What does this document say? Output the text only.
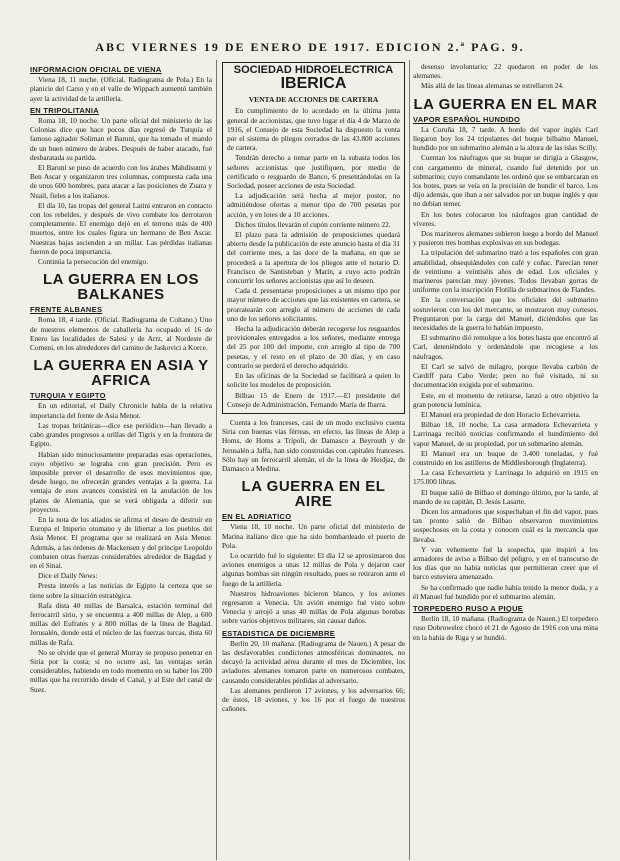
ABC VIERNES 19 DE ENERO DE 1917. EDICION 2.ª PAG. 9.
INFORMACION OFICIAL DE VIENA

Viena 18, 11 noche. (Oficial. Radiograma de Pola.) En la planicie del Carso y en el valle de Wippach aumentó también ayer la actividad de la artillería.

EN TRIPOLITANIA

Roma 18, 10 noche. Un parte oficial del ministerio de las Colonias dice que hace pocos días regresó de Turquía el famoso agitador Soliman el Baruni, que ha tomado el mando de un buen número de árabes. Después de haber atacado, fué desbaratada su partida.

El Baruní se puso de acuerdo con los árabes Mahdisunni y Ben Ascar y organizaron tres columnas, compuesta cada una de unos 600 hombres, para atacar a las posiciones de Zuara y Nuail, fieles a los italianos.

El día 10, las tropas del general Latini entraron en contacto con los rebeldes, y después de vivo combate los derrotaron completamente. El enemigo dejó en el terreno más de 400 muertos, entre los cuales figura un hermano de Ben Ascar. Nuestras bajas ascienden a un millar. Las pérdidas italianas fueron de poca importancia.

Continúa la persecución del enemigo.

LA GUERRA EN LOS BALKANES
FRENTE ALBANES

Roma 18, 4 tarde. (Oficial. Radiograma de Coltano.) Uno de nuestros elementos de caballería ha ocupado el 16 de Enero las localidades de Salesi y de Arrz, al Nordeste de Comeni, en los alrededores del camino de Jaskovici a Korce.

LA GUERRA EN ASIA Y AFRICA
TURQUIA Y EGIPTO

En un editorial, el Daily Chronicle habla de la relativa importancia del frente de Asia Menor.

Las tropas británicas—dice ese periódico—han llevado a cabo grandes progresos a orillas del Tigris y en la frontera de Egipto.

Habían sido minuciosamente preparadas esas operaciones, cuyo objetivo se lograba con gran precisión. Pero es imposible prever el desarrollo de esos movimientos que, desde luego, no ofrecerán grandes ventajas a la guerra. La ventaja de esos avances consistirá en la anulación de los planes de Alemania, que se verá obligada a diferir sus proyectos.

En la nota de los aliados se afirma el deseo de destruir en Europa el Imperio otomano y de libertar a los pueblos del Asia Menor. El programa que se realizará en Asia Menor. Además, a las órdenes de Mackensen y del príncipe Leopoldo combaten otras fuerzas considerables alrededor de Bagdad y en el Sinaí.

Dice el Daily News:

Presta interés a las noticias de Egipto la certeza que se tiene sobre la situación estratégica.

Rafa dista 40 millas de Barsalca, estación terminal del ferrocarril sirio, y se encuentra a 400 millas de Alep, a 600 millas del Eufrates y a 800 millas de la línea de Bagdad. Jerusalén, donde está el núcleo de las fuerzas turcas, dista 60 millas de Rafa.

No se olvide que el general Murray se propuso penetrar en Siria por la costa; si no ocurre así, las ventajas serán considerables, habiendo en todo momento en su haber los 200 millas que ha recorrido desde el Canal, y al Este del canal de Suez.

SOCIEDAD HIDROELECTRICA
IBERICA
VENTA DE ACCIONES DE CARTERA

En cumplimiento de lo acordado en la última junta general de accionistas, que tuvo lugar el día 4 de Marzo de 1916, el Consejo de esta Sociedad ha dispuesto la venta por el sistema de pliegos cerrados de las 43.800 acciones de cartera.

Tendrán derecho a tomar parte en la subasta todos los señores accionistas que justifiquen, por medio de certificado o resguardo de Banco, 6 presentándolas en la Sociedad, poseer acciones de esta Sociedad.

La adjudicación será hecha al mejor postor, no admitiéndose ofertas a menor tipo de 700 pesetas por acción, y en lotes de a 10 acciones.

Dichos títulos llevarán el cupón corriente número 22.

El plazo para la admisión de proposiciones quedará abierto desde la publicación de este anuncio hasta el día 31 del corriente mes, a las doce de la mañana, en que se procederá a la apertura de los pliegos ante el notario D. Francisco de Santisteban y Marín, a cuyo acto podrán concurrir los señores accionistas que así lo deseen.

Cada d. presentarse proposiciones a un mismo tipo por mayor número de acciones que las existentes en cartera, se prorratearán con arreglo al número de acciones de cada uno de los señores solicitantes.

Hecha la adjudicación deberán recogerse los resguardos provisionales entregados a los señores, mediante entrega del 25 por 100 del importe, con arreglo al tipo de 700 pesetas, y el resto en el plazo de 30 días, y en caso contrario se perderá el derecho adquirido.

En las oficinas de la Sociedad se facilitará a quien lo solicite los modelos de proposición.

Bilbao 15 de Enero de 1917.—El presidente del Consejo de Administración, Fernando María de Ibarra.

Cuenta a los franceses, casi de un modo exclusivo cuenta Siria con buenas vías férreas, en efecto, las líneas de Alep a Homs, de Homs a Trípoli, de Damasco a Beyrouth y de Jerusalén a Jaffa, han sido construidas con capitales franceses. Sólo hay un ferrocarril alemán, el de la línea de Heidjaz, de Damasco a Medina.

LA GUERRA EN EL AIRE
EN EL ADRIATICO

Viena 18, 10 noche. Un parte oficial del ministerio de Marina italiano dice que ha sido bombardeado el puerto de Pola.

Lo ocurrido fué lo siguiente: El día 12 se aproximaron dos aviones enemigos a unas 12 millas de Pola y dejaron caer algunas bombas sin ningún resultado, pues se retiraron ante el fuego de la artillería.

Nuestros hidroaviones hicieron blanco, y los aviones regresaron a Venecia. Un avión enemigo fué visto sobre Venecia y arrojó a unas 40 millas de Pola algunas bombas sobre varios objetivos militares, sin causar daños.

ESTADISTICA DE DICIEMBRE

Berlín 20, 10 mañana. (Radiograma de Nauen.) A pesar de las desfavorables condiciones atmosféricas dominantes, no decayó la actividad aérea durante el mes de Diciembre, los aviadores alemanes tomaron parte en numerosos combates, causando considerables pérdidas al adversario.

Las alemanes perdieron 17 aviones, y los adversarios 66; de éstos, 18 aviones, y los 16 por el fuego de nuestros cañones.

desenso involuntario; 22 quedaron en poder de los alemanes.

Más allá de las líneas alemanas se estrellaron 24.

LA GUERRA EN EL MAR
VAPOR ESPAÑOL HUNDIDO

La Coruña 18, 7 tarde. A bordo del vapor inglés Carl llegaron hoy los 24 tripulantes del buque bilbaíno Manuel, hundido por un submarino alemán a la altura de las islas Scilly.

Cuentan los náufragos que su buque se dirigía a Glasgow, con cargamento de mineral, cuando fué detenido por un submarino; cuyo comandante les ordenó que se embarcaran en los botes, pues se veía en la precisión de hundir el barco. Los dijo además, que iban a ser salvados por un buque inglés y que no debían temer.

En los botes colocaron los náufragos gran cantidad de víveres.

Dos marineros alemanes subieron luego a bordo del Manuel y pusieron tres bombas explosivas en sus bodegas.

La tripulación del submarino trató a los españoles con gran amabilidad, obsequiándoles con café y coñac. Parecían tener de veintiuno a veintiséis años de edad. Los oficiales y marineros parecían muy jóvenes. Todos llevaban gorras de uniforme con la inscripción Flotilla de submarinos de Flandes.

En la conversación que los oficiales del submarino sostuvieron con los del mercante, se mostraron muy corteses. Preguntaron por la carga del Manuel, diciéndoles que las necesidades de la guerra lo habían impuesto.

El submarino dió remolque a los botes hasta que encontró al Carl, deteniéndolo y ordenándole que recogiese a los náufragos.

El Carl se salvó de milagro, porque llevaba carbón de Cardiff para Cabo Verde; pero no fué visitado, ni su documentación exigida por el submarino.

Este, en el momento de retirarse, lanzó a otro objetivo la gran potencia lumínica.

El Manuel era propiedad de don Horacio Echevarrieta.

Bilbao 18, 10 noche. La casa armadora Echevarrieta y Larrinaga recibió noticias confirmando el hundimiento del vapor Manuel, de su propiedad, por un submarino alemán.

El Manuel era un buque de 3.400 toneladas, y fué construido en los astilleros de Middlesborough (Inglaterra).

La casa Echevarrieta y Larrinaga lo adquirió en 1915 en 175.000 libras.

El buque salió de Bilbao el domingo último, por la tarde, al mando de su capitán, D. Jesús Lasarte.

Dicen los armadores que sospechaban el fin del vapor, pues tan pronto salió de Bilbao observaron movimientos sospechosos en la costa y conocen cuál es la mercancía que llevaba.

Y van vehemente fué la sospecha, que inspiró a los armadores de aviso a Bilbao del peligro, y en el transcurso de los días que no había noticias que permitieran creer que el barco estuviera amenazado.

Se ha confirmado que nadie había tenido la menor duda, y a él Manuel fué hundido por el submarino alemán.

TORPEDERO RUSO A PIQUE

Berlín 18, 10 mañana. (Radiograma de Nauen.) El torpedero ruso Dobrowelez chocó el 21 de Agosto de 1916 con una mina en la bahía de Riga y se hundió.
